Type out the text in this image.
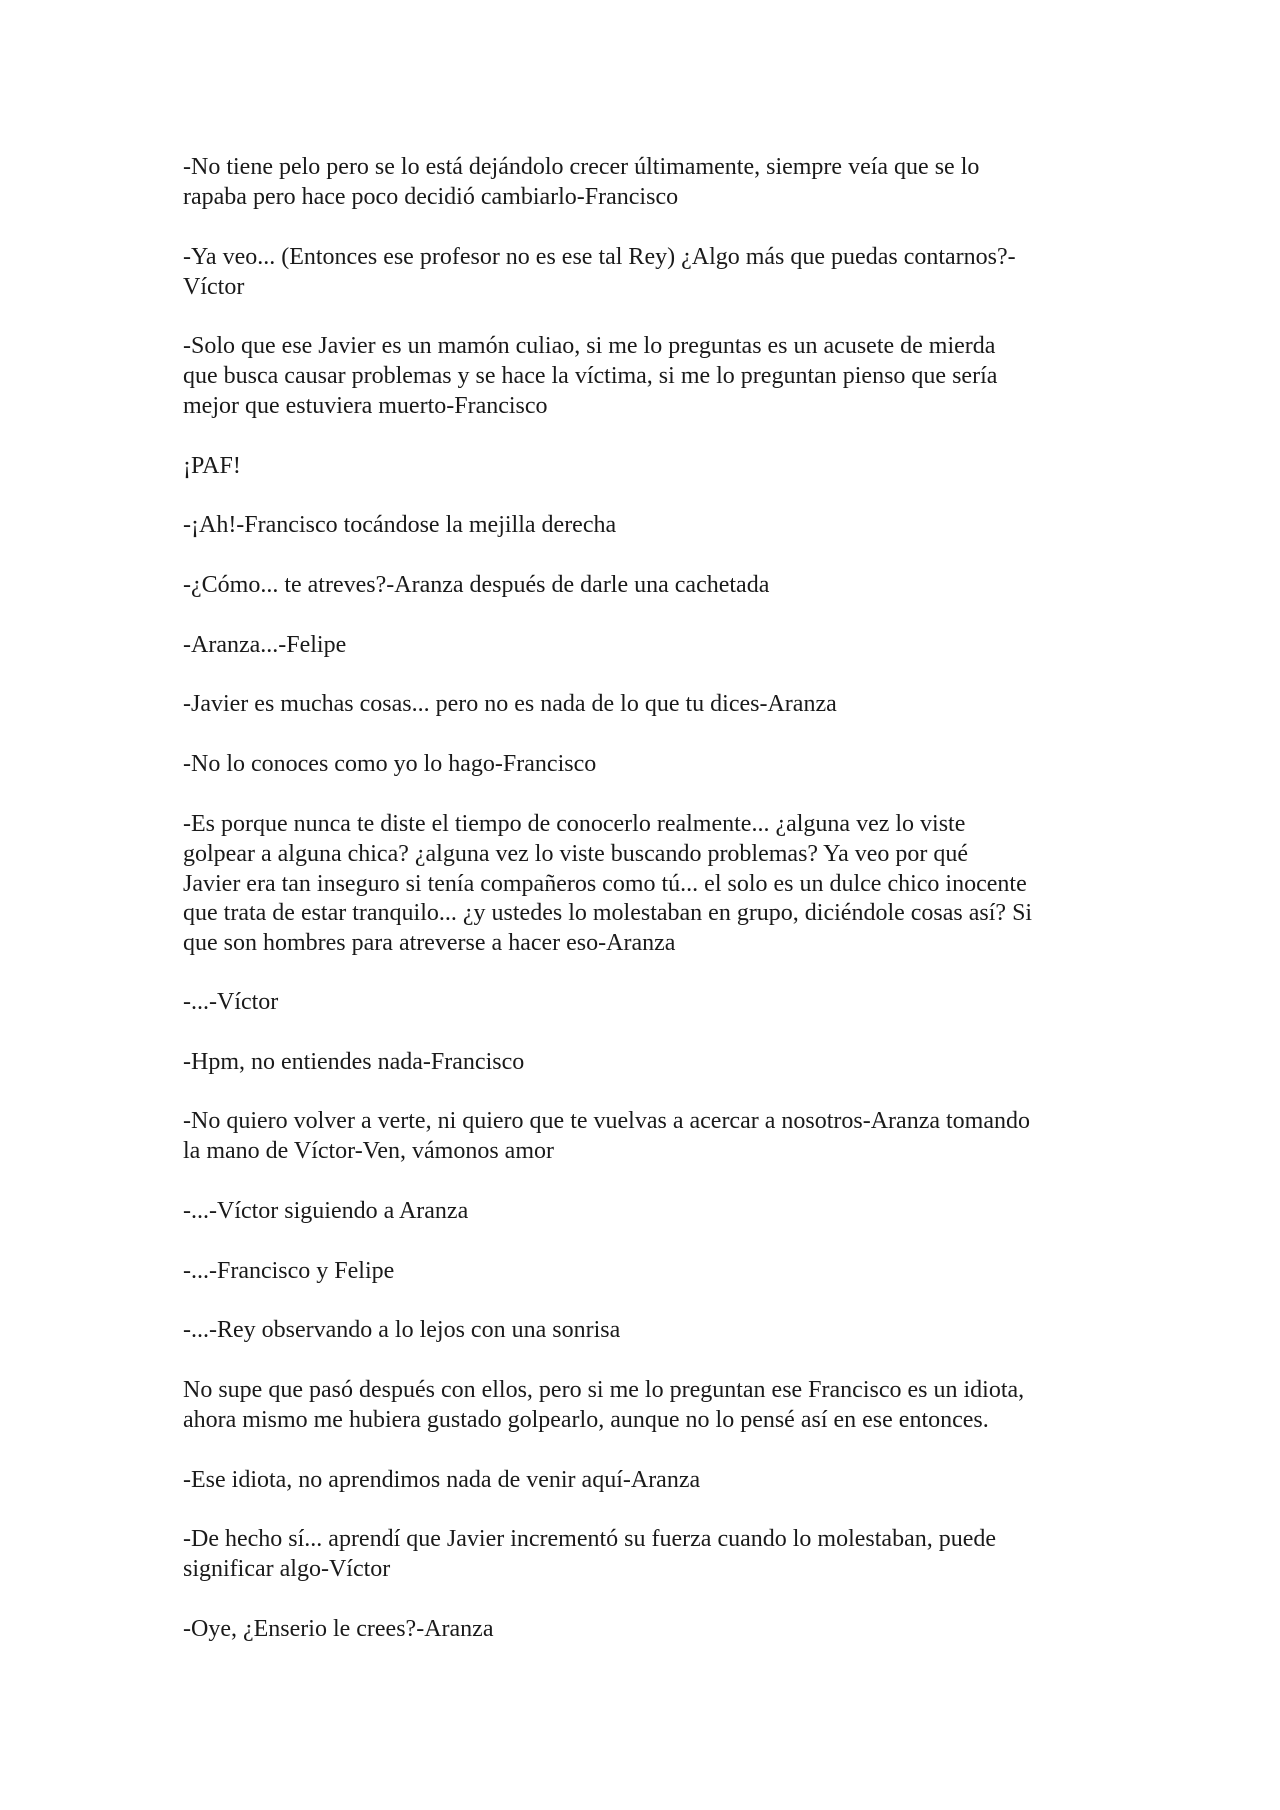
-No tiene pelo pero se lo está dejándolo crecer últimamente, siempre veía que se lo
rapaba pero hace poco decidió cambiarlo-Francisco

-Ya veo... (Entonces ese profesor no es ese tal Rey) ¿Algo más que puedas contarnos?-
Víctor

-Solo que ese Javier es un mamón culiao, si me lo preguntas es un acusete de mierda
que busca causar problemas y se hace la víctima, si me lo preguntan pienso que sería
mejor que estuviera muerto-Francisco

¡PAF!

-¡Ah!-Francisco tocándose la mejilla derecha

-¿Cómo... te atreves?-Aranza después de darle una cachetada

-Aranza...-Felipe

-Javier es muchas cosas... pero no es nada de lo que tu dices-Aranza

-No lo conoces como yo lo hago-Francisco

-Es porque nunca te diste el tiempo de conocerlo realmente... ¿alguna vez lo viste
golpear a alguna chica? ¿alguna vez lo viste buscando problemas? Ya veo por qué
Javier era tan inseguro si tenía compañeros como tú... el solo es un dulce chico inocente
que trata de estar tranquilo... ¿y ustedes lo molestaban en grupo, diciéndole cosas así? Si
que son hombres para atreverse a hacer eso-Aranza

-...-Víctor

-Hpm, no entiendes nada-Francisco

-No quiero volver a verte, ni quiero que te vuelvas a acercar a nosotros-Aranza tomando
la mano de Víctor-Ven, vámonos amor

-...-Víctor siguiendo a Aranza

-...-Francisco y Felipe

-...-Rey observando a lo lejos con una sonrisa

No supe que pasó después con ellos, pero si me lo preguntan ese Francisco es un idiota,
ahora mismo me hubiera gustado golpearlo, aunque no lo pensé así en ese entonces.

-Ese idiota, no aprendimos nada de venir aquí-Aranza

-De hecho sí... aprendí que Javier incrementó su fuerza cuando lo molestaban, puede
significar algo-Víctor

-Oye, ¿Enserio le crees?-Aranza
